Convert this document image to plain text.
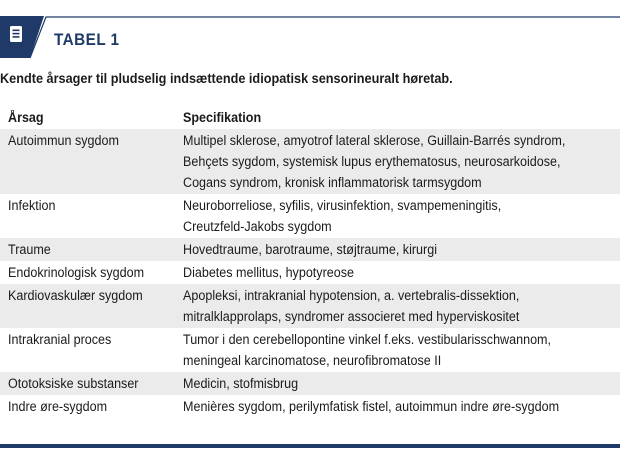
TABEL 1
Kendte årsager til pludselig indsættende idiopatisk sensorineuralt høretab.
Årsag	Specifikation

Autoimmun sygdom	Multipel sklerose, amyotrof lateral sklerose, Guillain-Barrés syndrom,
Behçets sygdom, systemisk lupus erythematosus, neurosarkoidose,
Cogans syndrom, kronisk inflammatorisk tarmsygdom

Infektion	Neuroborreliose, syfilis, virusinfektion, svampemeningitis,
Creutzfeld-Jakobs sygdom

Traume	Hovedtraume, barotraume, støjtraume, kirurgi

Endokrinologisk sygdom	Diabetes mellitus, hypotyreose

Kardiovaskulær sygdom	Apopleksi, intrakranial hypotension, a. vertebralis-dissektion,
mitralklapprolaps, syndromer associeret med hyperviskositet

Intrakranial proces	Tumor i den cerebellopontine vinkel f.eks. vestibularisschwannom,
meningeal karcinomatose, neurofibromatose II

Ototoksiske substanser	Medicin, stofmisbrug

Indre øre-sygdom	Menières sygdom, perilymfatisk fistel, autoimmun indre øre-sygdom
